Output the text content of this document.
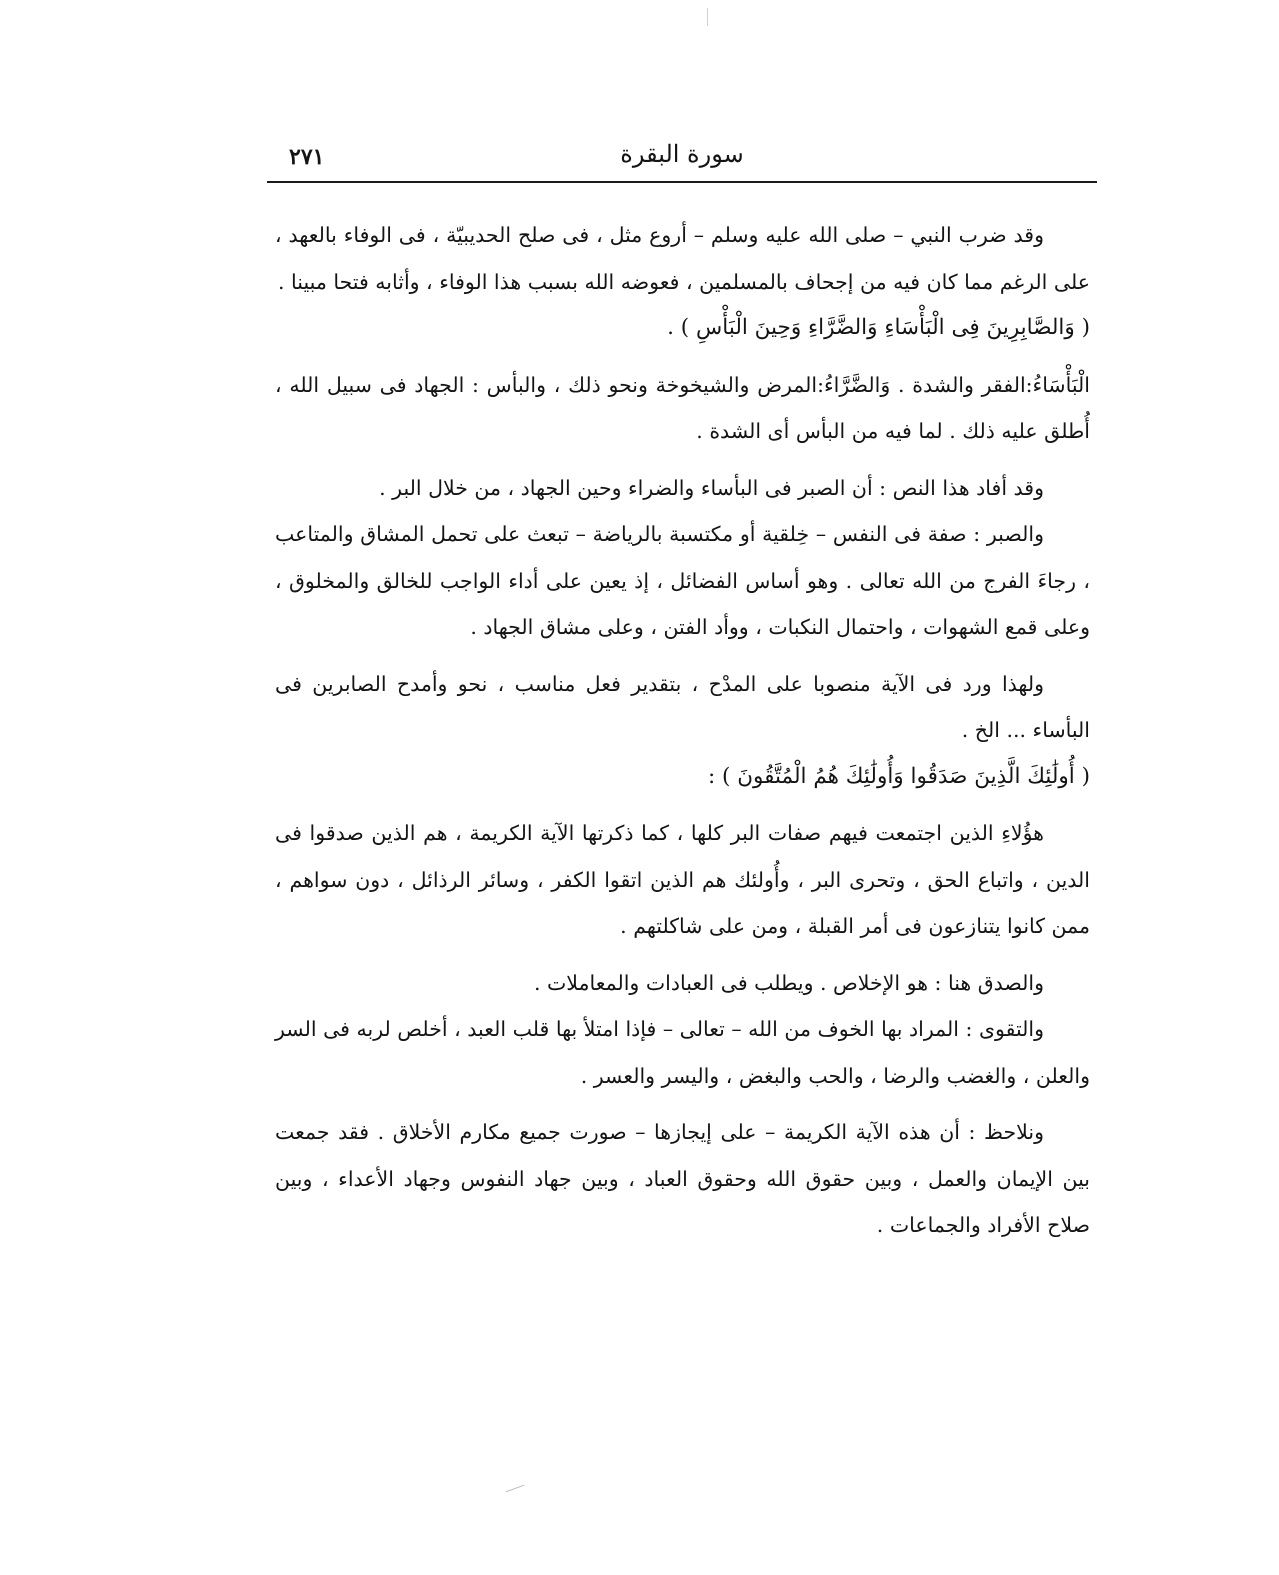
٢٧١	سورة البقرة

وقد ضرب النبي – صلى الله عليه وسلم – أروع مثل ، فى صلح الحديبيّة ، فى الوفاء بالعهد ، على الرغم مما كان فيه من إجحاف بالمسلمين ، فعوضه الله بسبب هذا الوفاء ، وأثابه فتحا مبينا .

( وَالصَّابِرِينَ فِى الْبَأْسَاءِ وَالضَّرَّاءِ وَحِينَ الْبَأْسِ ) .

الْبَأْسَاءُ:الفقر والشدة . وَالضَّرَّاءُ:المرض والشيخوخة ونحو ذلك ، والبأس : الجهاد فى سبيل الله ، أُطلق عليه ذلك . لما فيه من البأس أى الشدة .

وقد أفاد هذا النص : أن الصبر فى البأساء والضراء وحين الجهاد ، من خلال البر .

والصبر : صفة فى النفس – خِلقية أو مكتسبة بالرياضة – تبعث على تحمل المشاق والمتاعب ، رجاءَ الفرج من الله تعالى . وهو أساس الفضائل ، إذ يعين على أداء الواجب للخالق والمخلوق ، وعلى قمع الشهوات ، واحتمال النكبات ، ووأد الفتن ، وعلى مشاق الجهاد .

ولهذا ورد فى الآية منصوبا على المدْح ، بتقدير فعل مناسب ، نحو وأمدح الصابرين فى البأساء ... الخ .

( أُولَٰئِكَ الَّذِينَ صَدَقُوا وَأُولَٰئِكَ هُمُ الْمُتَّقُونَ ) :

هؤُلاءِ الذين اجتمعت فيهم صفات البر كلها ، كما ذكرتها الآية الكريمة ، هم الذين صدقوا فى الدين ، واتباع الحق ، وتحرى البر ، وأُولئك هم الذين اتقوا الكفر ، وسائر الرذائل ، دون سواهم ، ممن كانوا يتنازعون فى أمر القبلة ، ومن على شاكلتهم .

والصدق هنا : هو الإخلاص . ويطلب فى العبادات والمعاملات .

والتقوى : المراد بها الخوف من الله – تعالى – فإذا امتلأ بها قلب العبد ، أخلص لربه فى السر والعلن ، والغضب والرضا ، والحب والبغض ، واليسر والعسر .

ونلاحظ : أن هذه الآية الكريمة – على إيجازها – صورت جميع مكارم الأخلاق . فقد جمعت بين الإيمان والعمل ، وبين حقوق الله وحقوق العباد ، وبين جهاد النفوس وجهاد الأعداء ، وبين صلاح الأفراد والجماعات .
